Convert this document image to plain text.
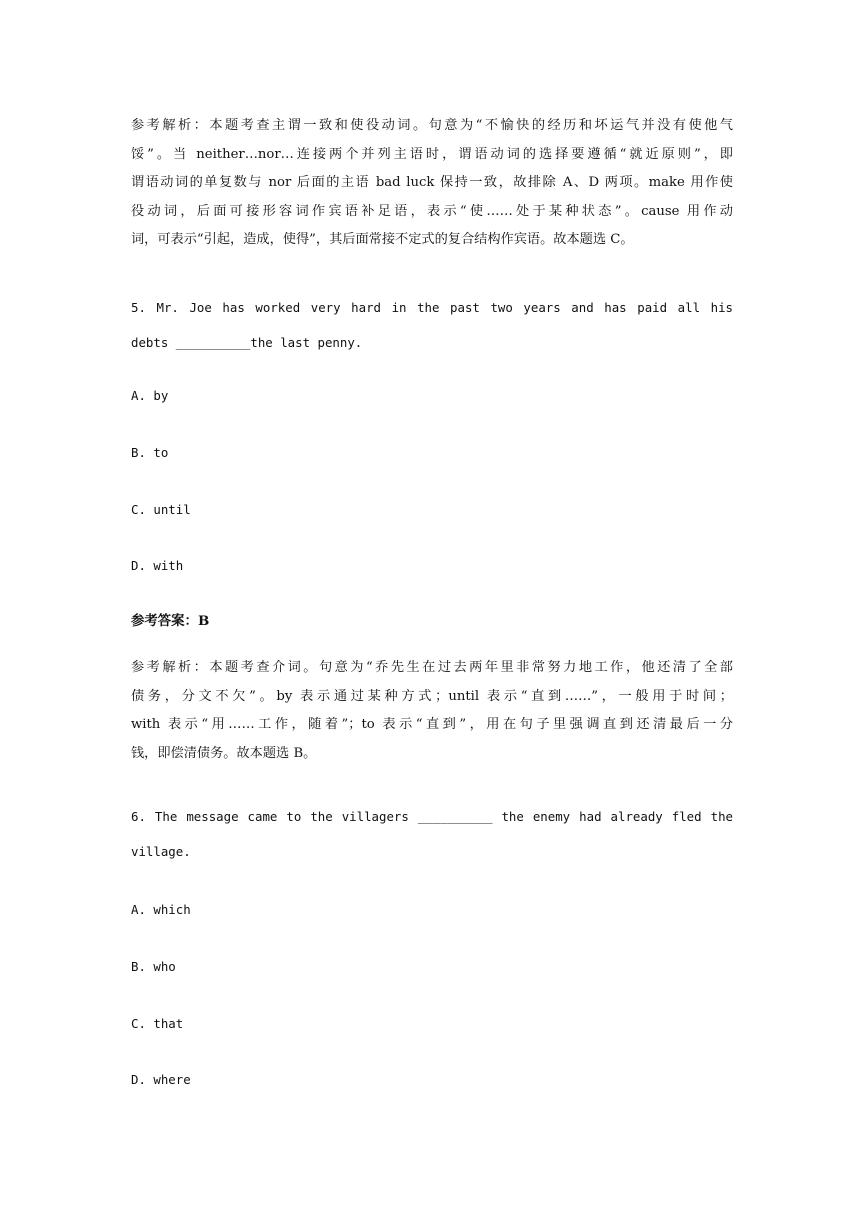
参考解析：本题考查主谓一致和使役动词。句意为“不愉快的经历和坏运气并没有使他气
馁”。当 neither…nor…连接两个并列主语时，谓语动词的选择要遵循“就近原则”，即
谓语动词的单复数与 nor 后面的主语 bad luck 保持一致，故排除 A、D 两项。make 用作使
役动词，后面可接形容词作宾语补足语，表示“使……处于某种状态”。cause 用作动
词，可表示“引起，造成，使得”，其后面常接不定式的复合结构作宾语。故本题选 C。
5. Mr. Joe has worked very hard in the past two years and has paid all his
debts __________the last penny.
A. by
B. to
C. until
D. with
参考答案：B
参考解析：本题考查介词。句意为“乔先生在过去两年里非常努力地工作，他还清了全部
债务，分文不欠”。by 表示通过某种方式；until 表示“直到……”，一般用于时间；
with 表示“用……工作，随着”；to 表示“直到”，用在句子里强调直到还清最后一分
钱，即偿清债务。故本题选 B。
6. The message came to the villagers __________ the enemy had already fled the
village.
A. which
B. who
C. that
D. where
